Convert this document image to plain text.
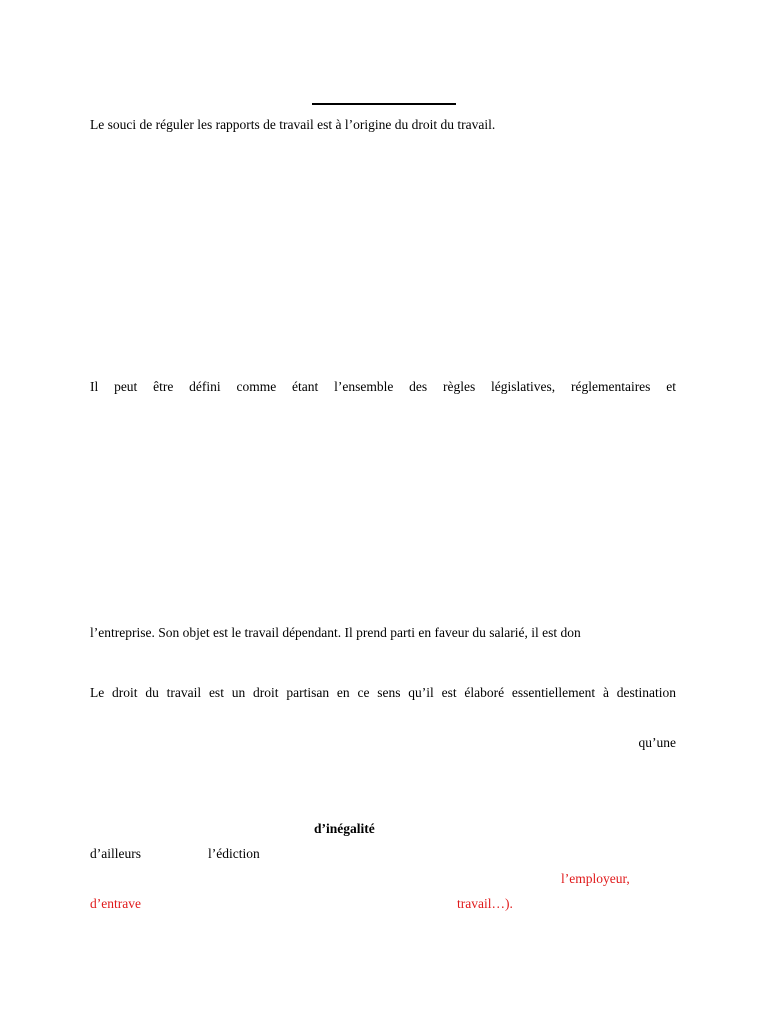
Le souci de réguler les rapports de travail est à l’origine du droit du travail.
Il peut être défini comme étant l’ensemble des règles législatives, réglementaires et
l’entreprise. Son objet est le travail dépendant. Il prend parti en faveur du salarié, il est don
Le droit du travail est un droit partisan en ce sens qu’il est élaboré essentiellement à destination
qu’une
d’inégalité
d’ailleurs	l’édiction
l’employeur,
d’entrave	travail…).
